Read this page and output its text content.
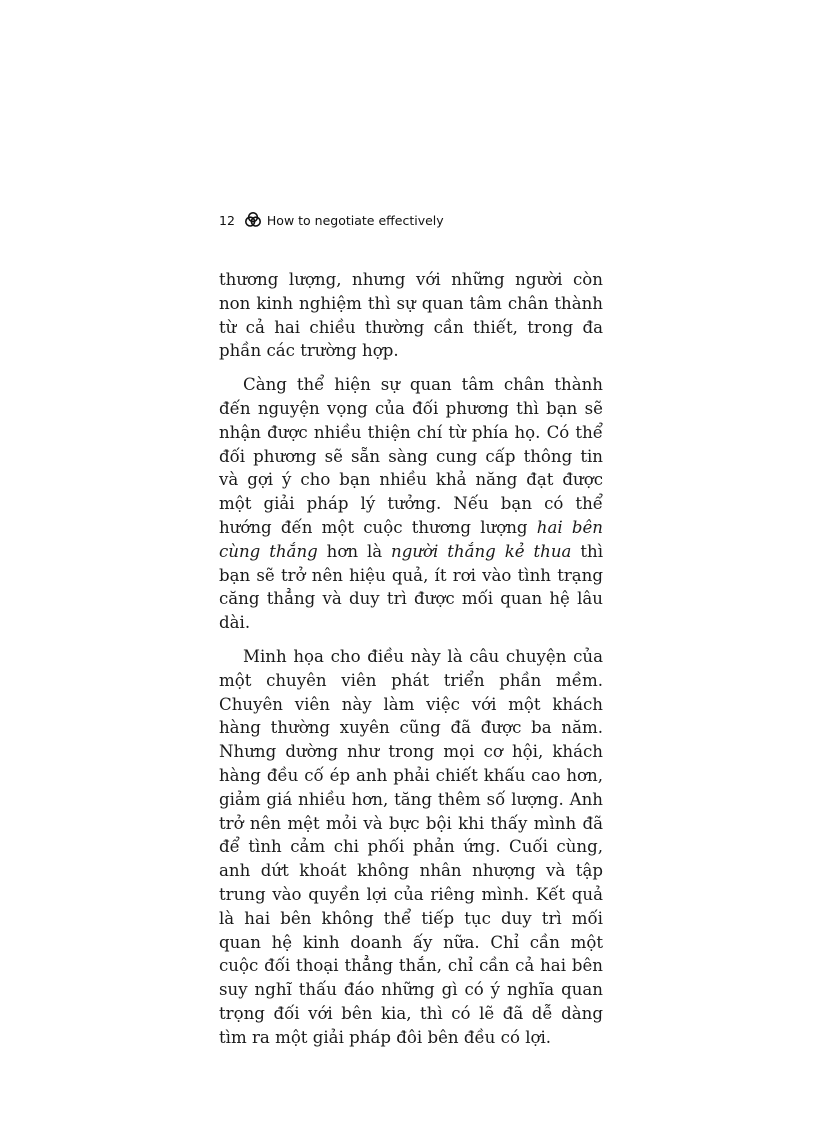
12	How to negotiate effectively

thương lượng, nhưng với những người còn non kinh nghiệm thì sự quan tâm chân thành từ cả hai chiều thường cần thiết, trong đa phần các trường hợp.

Càng thể hiện sự quan tâm chân thành đến nguyện vọng của đối phương thì bạn sẽ nhận được nhiều thiện chí từ phía họ. Có thể đối phương sẽ sẵn sàng cung cấp thông tin và gợi ý cho bạn nhiều khả năng đạt được một giải pháp lý tưởng. Nếu bạn có thể hướng đến một cuộc thương lượng hai bên cùng thắng hơn là người thắng kẻ thua thì bạn sẽ trở nên hiệu quả, ít rơi vào tình trạng căng thẳng và duy trì được mối quan hệ lâu dài.

Minh họa cho điều này là câu chuyện của một chuyên viên phát triển phần mềm. Chuyên viên này làm việc với một khách hàng thường xuyên cũng đã được ba năm. Nhưng dường như trong mọi cơ hội, khách hàng đều cố ép anh phải chiết khấu cao hơn, giảm giá nhiều hơn, tăng thêm số lượng. Anh trở nên mệt mỏi và bực bội khi thấy mình đã để tình cảm chi phối phản ứng. Cuối cùng, anh dứt khoát không nhân nhượng và tập trung vào quyền lợi của riêng mình. Kết quả là hai bên không thể tiếp tục duy trì mối quan hệ kinh doanh ấy nữa. Chỉ cần một cuộc đối thoại thẳng thắn, chỉ cần cả hai bên suy nghĩ thấu đáo những gì có ý nghĩa quan trọng đối với bên kia, thì có lẽ đã dễ dàng tìm ra một giải pháp đôi bên đều có lợi.
